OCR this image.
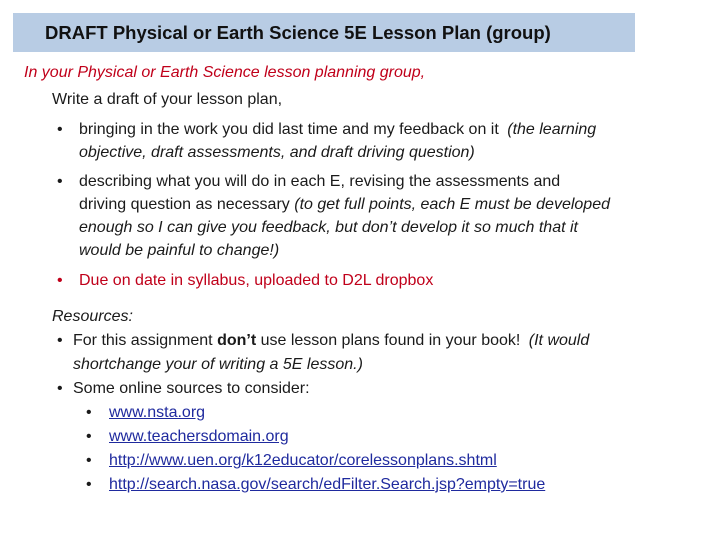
DRAFT Physical or Earth Science 5E Lesson Plan (group)
In your Physical or Earth Science lesson planning group,
Write a draft of your lesson plan,
• bringing in the work you did last time and my feedback on it (the learning
objective, draft assessments, and draft driving question)
• describing what you will do in each E, revising the assessments and
driving question as necessary (to get full points, each E must be developed
enough so I can give you feedback, but don’t develop it so much that it
would be painful to change!)
• Due on date in syllabus, uploaded to D2L dropbox
Resources:
• For this assignment don’t use lesson plans found in your book! (It would
shortchange your of writing a 5E lesson.)
• Some online sources to consider:
• www.nsta.org
• www.teachersdomain.org
• http://www.uen.org/k12educator/corelessonplans.shtml
• http://search.nasa.gov/search/edFilter.Search.jsp?empty=true
